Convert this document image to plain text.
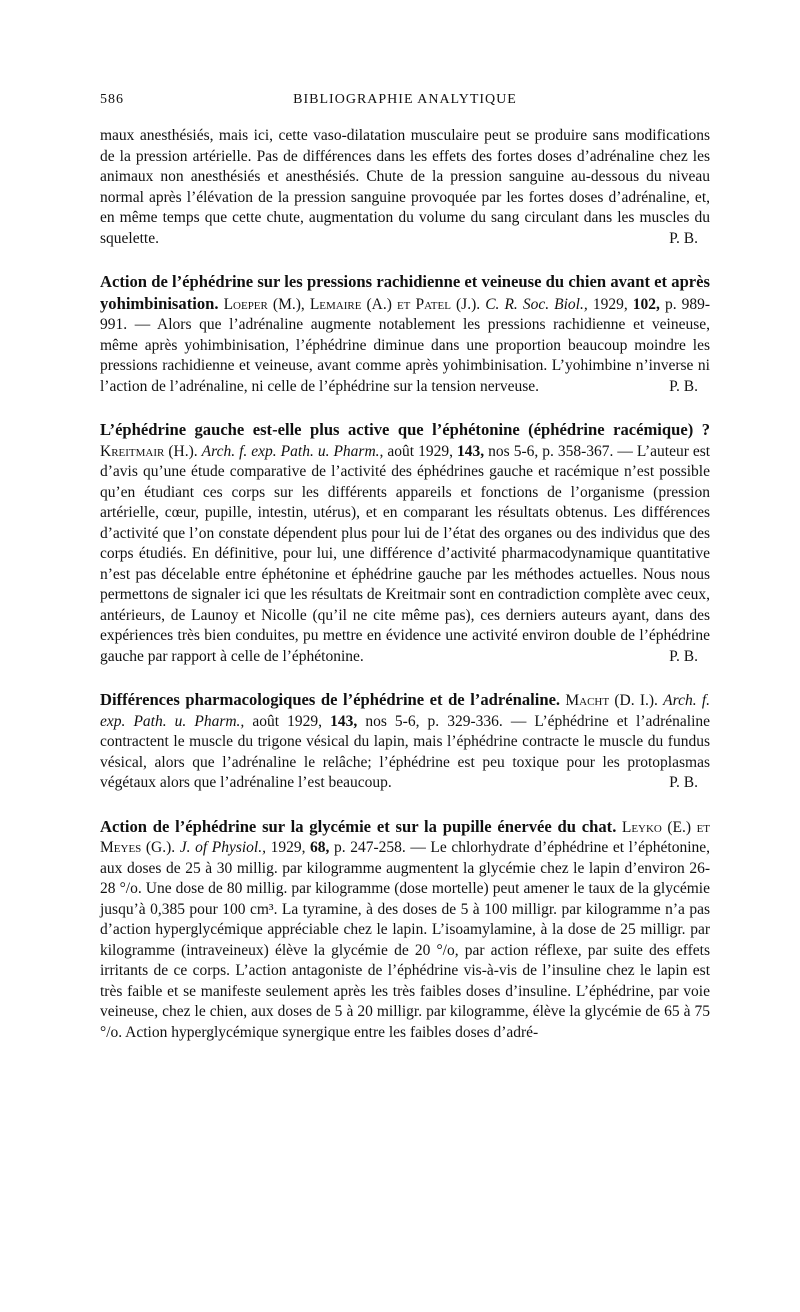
586	BIBLIOGRAPHIE ANALYTIQUE

maux anesthésiés, mais ici, cette vaso-dilatation musculaire peut se produire sans modifications de la pression artérielle. Pas de différences dans les effets des fortes doses d’adrénaline chez les animaux non anesthésiés et anesthésiés. Chute de la pression sanguine au-dessous du niveau normal après l’élévation de la pression sanguine provoquée par les fortes doses d’adrénaline, et, en même temps que cette chute, augmentation du volume du sang circulant dans les muscles du squelette.	P. B.

Action de l’éphédrine sur les pressions rachidienne et veineuse du chien avant et après yohimbinisation. Loeper (M.), Lemaire (A.) et Patel (J.). C. R. Soc. Biol., 1929, 102, p. 989-991. — Alors que l’adrénaline augmente notablement les pressions rachidienne et veineuse, même après yohimbinisation, l’éphédrine diminue dans une proportion beaucoup moindre les pressions rachidienne et veineuse, avant comme après yohimbinisation. L’yohimbine n’inverse ni l’action de l’adrénaline, ni celle de l’éphédrine sur la tension nerveuse.	P. B.

L’éphédrine gauche est-elle plus active que l’éphétonine (éphédrine racémique) ? Kreitmair (H.). Arch. f. exp. Path. u. Pharm., août 1929, 143, nos 5-6, p. 358-367. — L’auteur est d’avis qu’une étude comparative de l’activité des éphédrines gauche et racémique n’est possible qu’en étudiant ces corps sur les différents appareils et fonctions de l’organisme (pression artérielle, cœur, pupille, intestin, utérus), et en comparant les résultats obtenus. Les différences d’activité que l’on constate dépendent plus pour lui de l’état des organes ou des individus que des corps étudiés. En définitive, pour lui, une différence d’activité pharmacodynamique quantitative n’est pas décelable entre éphétonine et éphédrine gauche par les méthodes actuelles. Nous nous permettons de signaler ici que les résultats de Kreitmair sont en contradiction complète avec ceux, antérieurs, de Launoy et Nicolle (qu’il ne cite même pas), ces derniers auteurs ayant, dans des expériences très bien conduites, pu mettre en évidence une activité environ double de l’éphédrine gauche par rapport à celle de l’éphétonine.	P. B.

Différences pharmacologiques de l’éphédrine et de l’adrénaline. Macht (D. I.). Arch. f. exp. Path. u. Pharm., août 1929, 143, nos 5-6, p. 329-336. — L’éphédrine et l’adrénaline contractent le muscle du trigone vésical du lapin, mais l’éphédrine contracte le muscle du fundus vésical, alors que l’adrénaline le relâche; l’éphédrine est peu toxique pour les protoplasmas végétaux alors que l’adrénaline l’est beaucoup.	P. B.

Action de l’éphédrine sur la glycémie et sur la pupille énervée du chat. Leyko (E.) et Meyes (G.). J. of Physiol., 1929, 68, p. 247-258. — Le chlorhydrate d’éphédrine et l’éphétonine, aux doses de 25 à 30 millig. par kilogramme augmentent la glycémie chez le lapin d’environ 26-28 °/o. Une dose de 80 millig. par kilogramme (dose mortelle) peut amener le taux de la glycémie jusqu’à 0,385 pour 100 cm³. La tyramine, à des doses de 5 à 100 milligr. par kilogramme n’a pas d’action hyperglycémique appréciable chez le lapin. L’isoamylamine, à la dose de 25 milligr. par kilogramme (intraveineux) élève la glycémie de 20 °/o, par action réflexe, par suite des effets irritants de ce corps. L’action antagoniste de l’éphédrine vis-à-vis de l’insuline chez le lapin est très faible et se manifeste seulement après les très faibles doses d’insuline. L’éphédrine, par voie veineuse, chez le chien, aux doses de 5 à 20 milligr. par kilogramme, élève la glycémie de 65 à 75 °/o. Action hyperglycémique synergique entre les faibles doses d’adré-
